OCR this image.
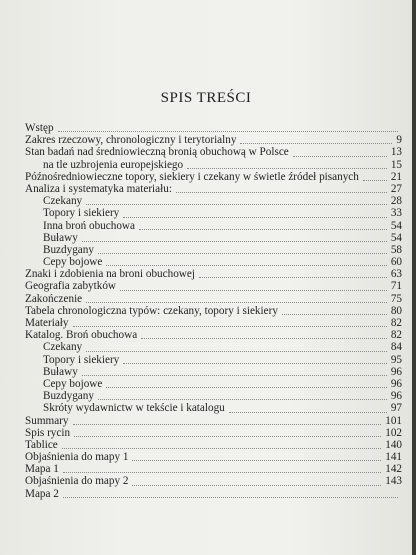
SPIS TREŚCI
Wstęp
Zakres rzeczowy, chronologiczny i terytorialny	9
Stan badań nad średniowieczną bronią obuchową w Polsce	13
na tle uzbrojenia europejskiego	15
Późnośredniowieczne topory, siekiery i czekany w świetle źródeł pisanych	21
Analiza i systematyka materiału:	27
Czekany	28
Topory i siekiery	33
Inna broń obuchowa	54
Buławy	54
Buzdygany	58
Cepy bojowe	60
Znaki i zdobienia na broni obuchowej	63
Geografia zabytków	71
Zakończenie	75
Tabela chronologiczna typów: czekany, topory i siekiery	80
Materiały	82
Katalog. Broń obuchowa	82
Czekany	84
Topory i siekiery	95
Buławy	96
Cepy bojowe	96
Buzdygany	96
Skróty wydawnictw w tekście i katalogu	97
Summary	101
Spis rycin	102
Tablice	140
Objaśnienia do mapy 1	141
Mapa 1	142
Objaśnienia do mapy 2	143
Mapa 2
